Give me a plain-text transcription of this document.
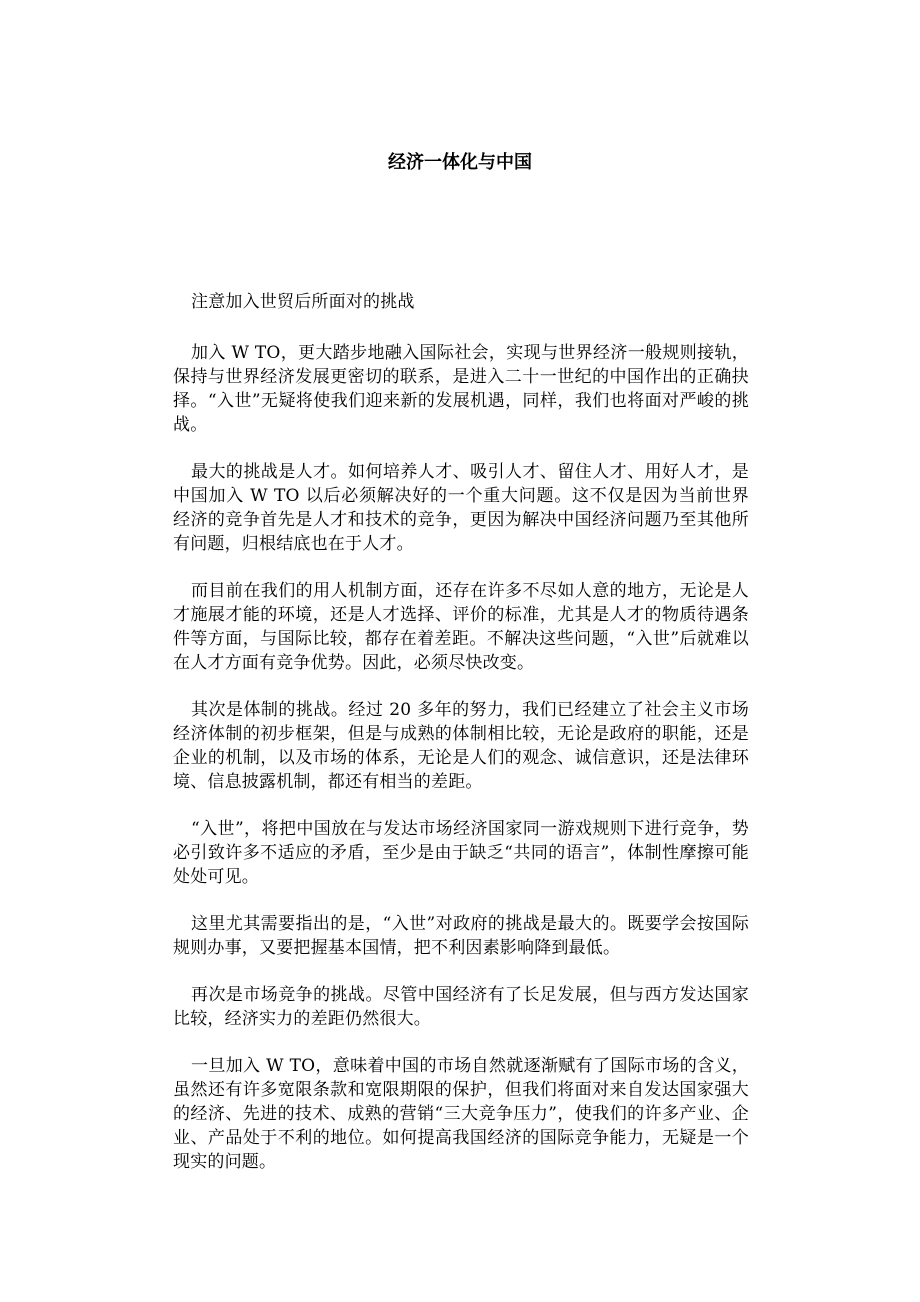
经济一体化与中国

注意加入世贸后所面对的挑战

加入 W TO，更大踏步地融入国际社会，实现与世界经济一般规则接轨，保持与世界经济发展更密切的联系，是进入二十一世纪的中国作出的正确抉择。“入世”无疑将使我们迎来新的发展机遇，同样，我们也将面对严峻的挑战。

最大的挑战是人才。如何培养人才、吸引人才、留住人才、用好人才，是中国加入 W TO 以后必须解决好的一个重大问题。这不仅是因为当前世界经济的竞争首先是人才和技术的竞争，更因为解决中国经济问题乃至其他所有问题，归根结底也在于人才。

而目前在我们的用人机制方面，还存在许多不尽如人意的地方，无论是人才施展才能的环境，还是人才选择、评价的标准，尤其是人才的物质待遇条件等方面，与国际比较，都存在着差距。不解决这些问题，“入世”后就难以在人才方面有竞争优势。因此，必须尽快改变。

其次是体制的挑战。经过 20 多年的努力，我们已经建立了社会主义市场经济体制的初步框架，但是与成熟的体制相比较，无论是政府的职能，还是企业的机制，以及市场的体系，无论是人们的观念、诚信意识，还是法律环境、信息披露机制，都还有相当的差距。

“入世”，将把中国放在与发达市场经济国家同一游戏规则下进行竞争，势必引致许多不适应的矛盾，至少是由于缺乏“共同的语言”，体制性摩擦可能处处可见。

这里尤其需要指出的是，“入世”对政府的挑战是最大的。既要学会按国际规则办事，又要把握基本国情，把不利因素影响降到最低。

再次是市场竞争的挑战。尽管中国经济有了长足发展，但与西方发达国家比较，经济实力的差距仍然很大。

一旦加入 W TO，意味着中国的市场自然就逐渐赋有了国际市场的含义，虽然还有许多宽限条款和宽限期限的保护，但我们将面对来自发达国家强大的经济、先进的技术、成熟的营销“三大竞争压力”，使我们的许多产业、企业、产品处于不利的地位。如何提高我国经济的国际竞争能力，无疑是一个现实的问题。
